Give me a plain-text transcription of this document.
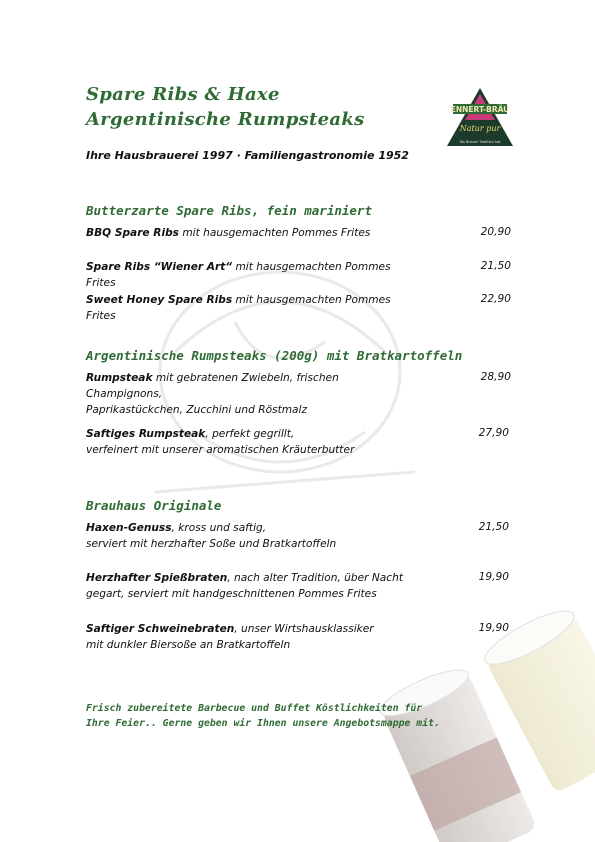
Spare Ribs & Haxe
Argentinische Rumpsteaks
Ihre Hausbrauerei 1997 · Familiengastronomie 1952
ENNERT-BRÄU
Natur pur
Wo Brauen Tradition hat
Butterzarte Spare Ribs, fein mariniert
BBQ Spare Ribs mit hausgemachten Pommes Frites	20,90
Spare Ribs “Wiener Art“ mit hausgemachten Pommes Frites
21,50
Sweet Honey Spare Ribs mit hausgemachten Pommes Frites
22,90
Argentinische Rumpsteaks (200g) mit Bratkartoffeln
Rumpsteak mit gebratenen Zwiebeln, frischen Champignons,
Paprikastückchen, Zucchini und Röstmalz
28,90
Saftiges Rumpsteak, perfekt gegrillt,
verfeinert mit unserer aromatischen Kräuterbutter
27,90
Brauhaus Originale
Haxen-Genuss, kross und saftig,
serviert mit herzhafter Soße und Bratkartoffeln
21,50
Herzhafter Spießbraten, nach alter Tradition, über Nacht
gegart, serviert mit handgeschnittenen Pommes Frites
19,90
Saftiger Schweinebraten, unser Wirtshausklassiker
mit dunkler Biersoße an Bratkartoffeln
19,90
Frisch zubereitete Barbecue und Buffet Köstlichkeiten für
Ihre Feier.. Gerne geben wir Ihnen unsere Angebotsmappe mit.
